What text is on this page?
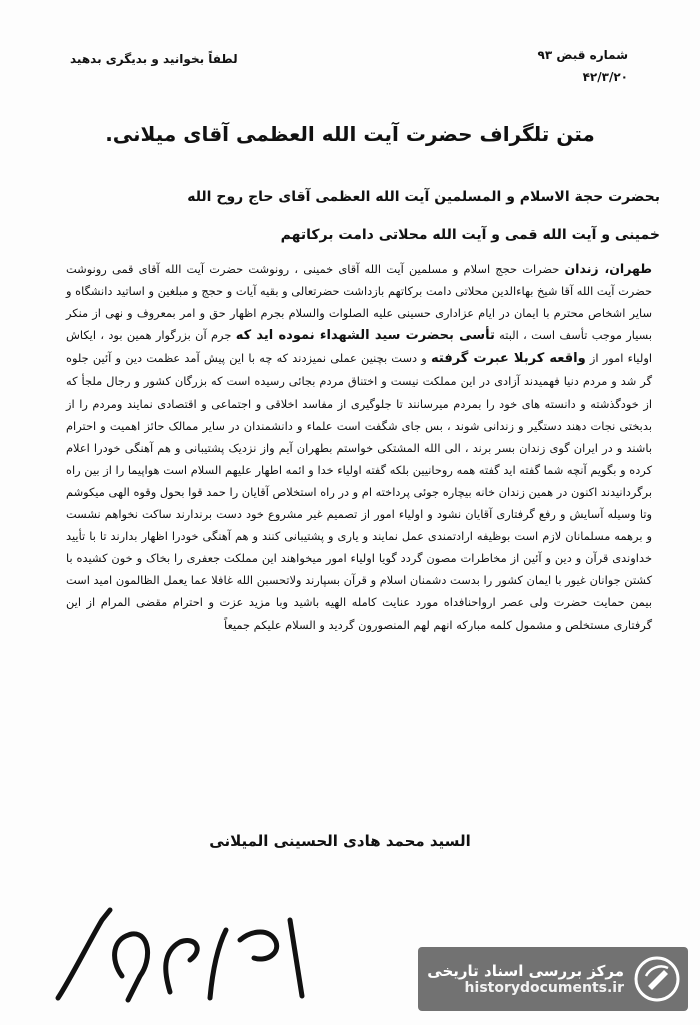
شماره قبض ۹۳
۴۲/۳/۲۰
لطفاً بخوانید و بدیگری بدهید
متن تلگراف حضرت آیت الله العظمی آقای میلانی.

بحضرت حجة الاسلام و المسلمین آیت الله العظمی آقای حاج روح الله

خمینی و آیت الله قمی و آیت الله محلاتی دامت برکاتهم

طهران، زندان حضرات حجج اسلام و مسلمین آیت الله آقای خمینی ، رونوشت حضرت آیت الله آقای قمی رونوشت حضرت آیت الله آقا شیخ بهاءالدین محلاتی دامت برکاتهم بازداشت حضرتعالی و بقیه آیات و حجج و مبلغین و اساتید دانشگاه و سایر اشخاص محترم با ایمان در ایام عزاداری حسینی علیه الصلوات والسلام بجرم اظهار حق و امر بمعروف و نهی از منکر بسیار موجب تأسف است ، البته تأسی بحضرت سید الشهداء نموده اید که جرم آن بزرگوار همین بود ، ایکاش اولیاء امور از واقعه کربلا عبرت گرفته و دست بچنین عملی نمیزدند که چه با این پیش آمد عظمت دین و آئین جلوه گر شد و مردم دنیا فهمیدند آزادی در این مملکت نیست و اختناق مردم بجائی رسیده است که بزرگان کشور و رجال ملجأ که از خودگذشته و دانسته های خود را بمردم میرسانند تا جلوگیری از مفاسد اخلاقی و اجتماعی و اقتصادی نمایند ومردم را از بدبختی نجات دهند دستگیر و زندانی شوند ، بس جای شگفت است علماء و دانشمندان در سایر ممالک حائز اهمیت و احترام باشند و در ایران گوی زندان بسر برند ، الی الله المشتکی خواستم بطهران آیم واز نزدیک پشتیبانی و هم آهنگی خودرا اعلام کرده و بگویم آنچه شما گفته اید گفته همه روحانیین بلکه گفته اولیاء خدا و ائمه اطهار علیهم السلام است هواپیما را از بین راه برگردانیدند اکنون در همین زندان خانه بیچاره جوئی پرداخته ام و در راه استخلاص آقایان را حمد قوا بحول وقوه الهی میکوشم وتا وسیله آسایش و رفع گرفتاری آقایان نشود و اولیاء امور از تصمیم غیر مشروع خود دست برندارند ساکت نخواهم نشست و برهمه مسلمانان لازم است بوظیفه ارادتمندی عمل نمایند و یاری و پشتیبانی کنند و هم آهنگی خودرا اظهار بدارند تا با تأیید خداوندی قرآن و دین و آئین از مخاطرات مصون گردد گویا اولیاء امور میخواهند این مملکت جعفری را بخاک و خون کشیده با کشتن جوانان غیور با ایمان کشور را بدست دشمنان اسلام و قرآن بسپارند ولاتحسبن الله غافلا عما یعمل الظالمون امید است بیمن حمایت حضرت ولی عصر ارواحنافداه مورد عنایت کامله الهیه باشید وبا مزید عزت و احترام مقضی المرام از این گرفتاری مستخلص و مشمول کلمه مبارکه انهم لهم المنصورون گردید و السلام علیکم جمیعاً

السید محمد هادی الحسینی المیلانی
مرکز بررسی اسناد تاریخی
historydocuments.ir
